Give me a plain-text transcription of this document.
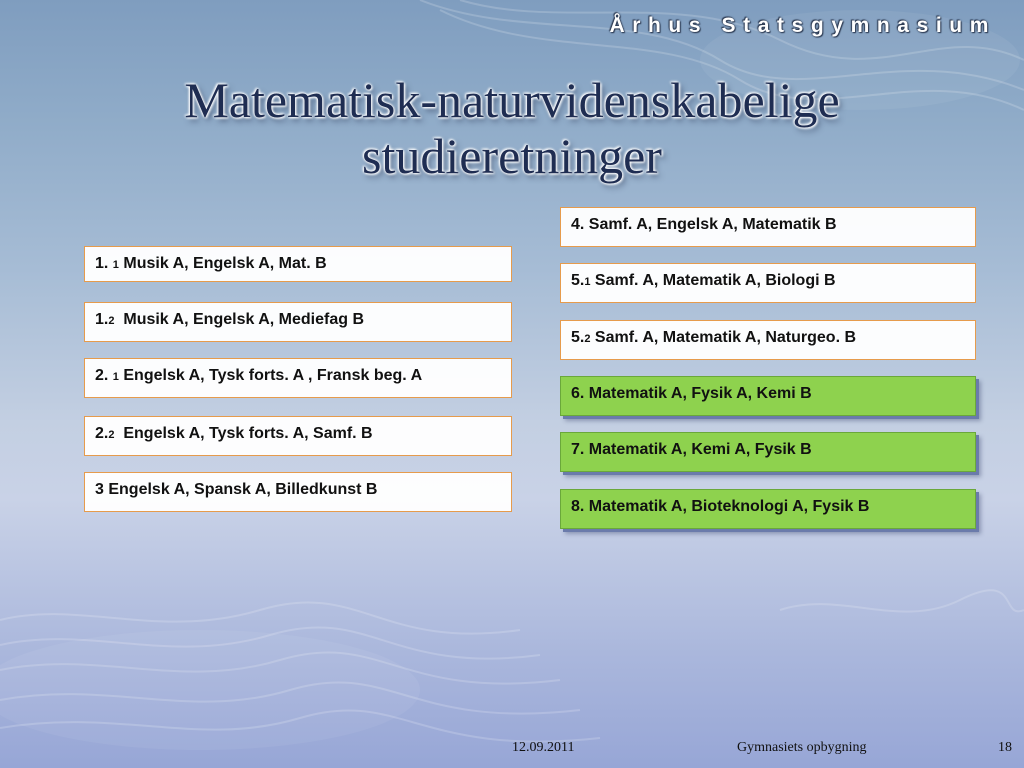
Århus Statsgymnasium
Matematisk-naturvidenskabelige
studieretninger
1. 1 Musik A, Engelsk A, Mat. B
1.2 Musik A, Engelsk A, Mediefag B
2. 1 Engelsk A, Tysk forts. A , Fransk beg. A
2.2 Engelsk A, Tysk forts. A, Samf. B
3 Engelsk A, Spansk A, Billedkunst B
4. Samf. A, Engelsk A, Matematik B
5.1 Samf. A, Matematik A, Biologi B
5.2 Samf. A, Matematik A, Naturgeo. B
6. Matematik A, Fysik A, Kemi B
7. Matematik A, Kemi A, Fysik B
8. Matematik A, Bioteknologi A, Fysik B
12.09.2011	Gymnasiets opbygning	18
